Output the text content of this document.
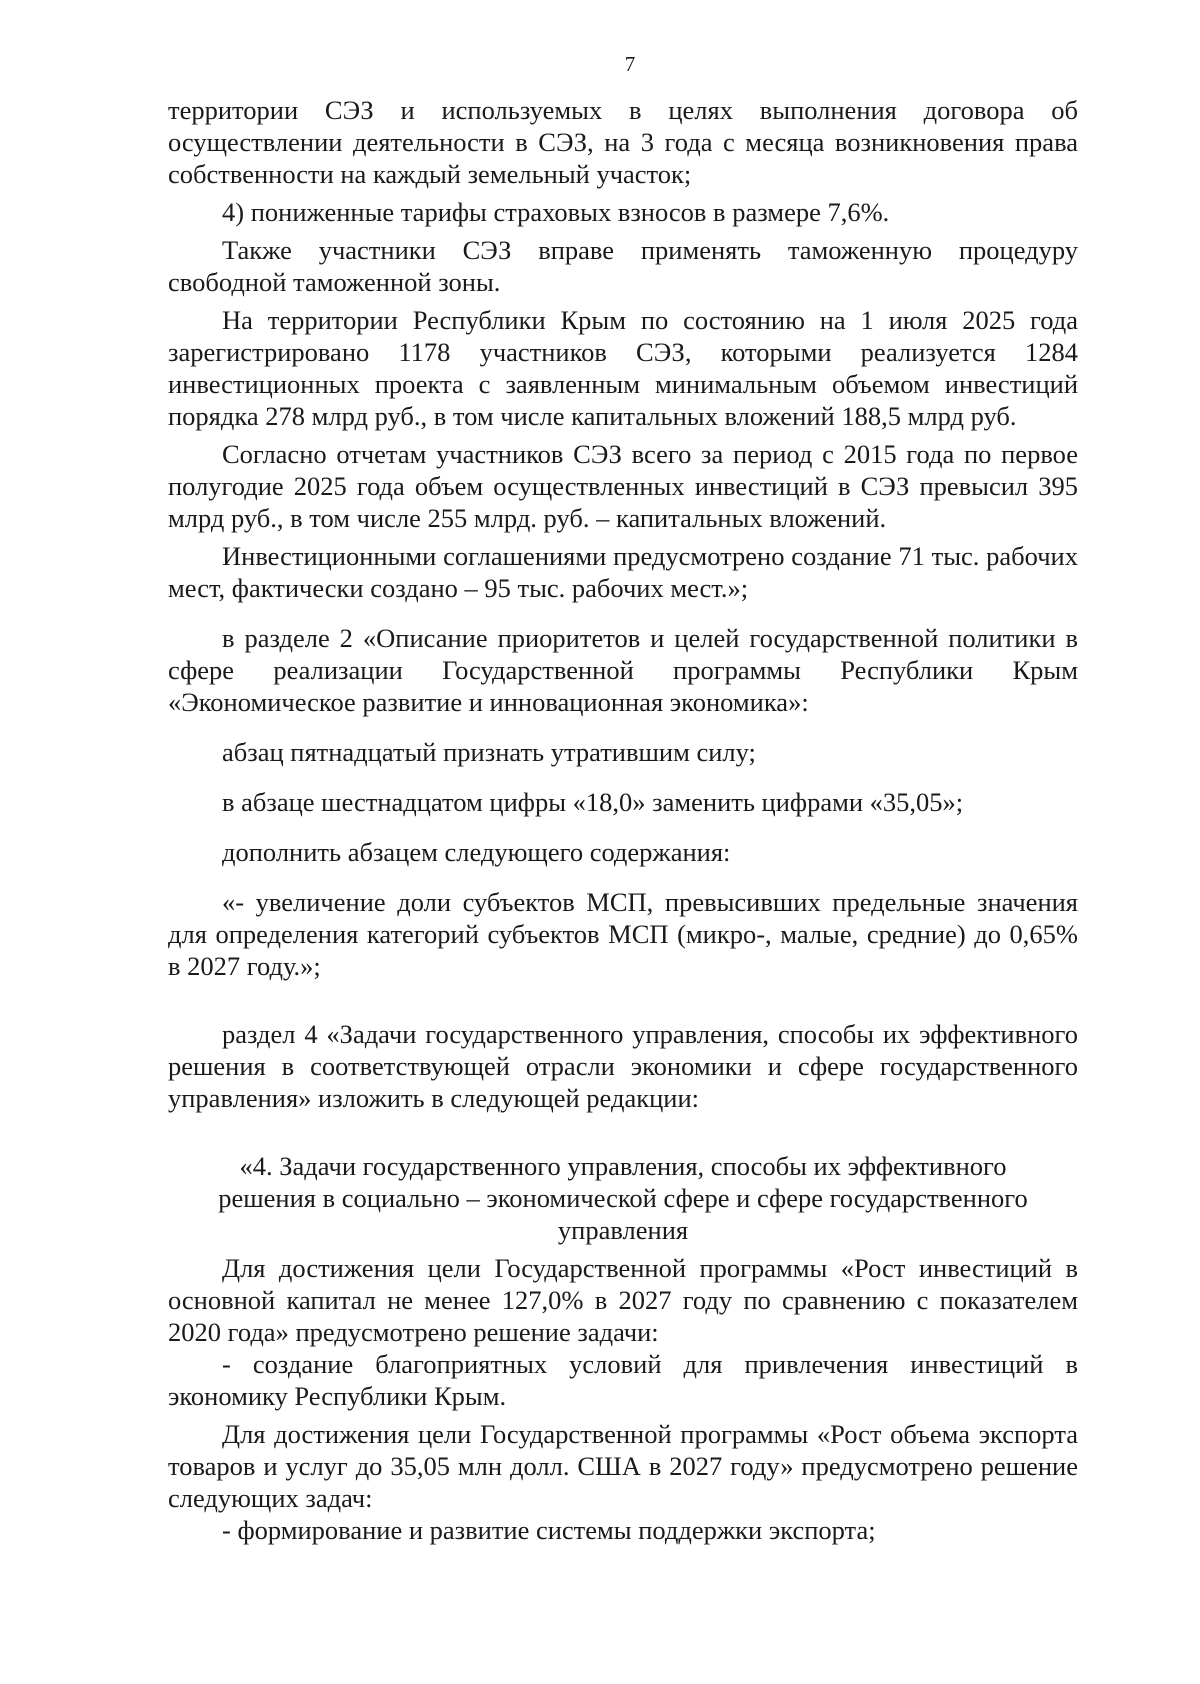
7

территории СЭЗ и используемых в целях выполнения договора об осуществлении деятельности в СЭЗ, на 3 года с месяца возникновения права собственности на каждый земельный участок;

4) пониженные тарифы страховых взносов в размере 7,6%.

Также участники СЭЗ вправе применять таможенную процедуру свободной таможенной зоны.

На территории Республики Крым по состоянию на 1 июля 2025 года зарегистрировано 1178 участников СЭЗ, которыми реализуется 1284 инвестиционных проекта с заявленным минимальным объемом инвестиций порядка 278 млрд руб., в том числе капитальных вложений 188,5 млрд руб.

Согласно отчетам участников СЭЗ всего за период с 2015 года по первое полугодие 2025 года объем осуществленных инвестиций в СЭЗ превысил 395 млрд руб., в том числе 255 млрд. руб. – капитальных вложений.

Инвестиционными соглашениями предусмотрено создание 71 тыс. рабочих мест, фактически создано – 95 тыс. рабочих мест.»;

в разделе 2 «Описание приоритетов и целей государственной политики в сфере реализации Государственной программы Республики Крым «Экономическое развитие и инновационная экономика»:

абзац пятнадцатый признать утратившим силу;

в абзаце шестнадцатом цифры «18,0» заменить цифрами «35,05»;

дополнить абзацем следующего содержания:

«- увеличение доли субъектов МСП, превысивших предельные значения для определения категорий субъектов МСП (микро-, малые, средние) до 0,65% в 2027 году.»;

раздел 4 «Задачи государственного управления, способы их эффективного решения в соответствующей отрасли экономики и сфере государственного управления» изложить в следующей редакции:

«4. Задачи государственного управления, способы их эффективного решения в социально – экономической сфере и сфере государственного управления

Для достижения цели Государственной программы «Рост инвестиций в основной капитал не менее 127,0% в 2027 году по сравнению с показателем 2020 года» предусмотрено решение задачи:

- создание благоприятных условий для привлечения инвестиций в экономику Республики Крым.

Для достижения цели Государственной программы «Рост объема экспорта товаров и услуг до 35,05 млн долл. США в 2027 году» предусмотрено решение следующих задач:

- формирование и развитие системы поддержки экспорта;
